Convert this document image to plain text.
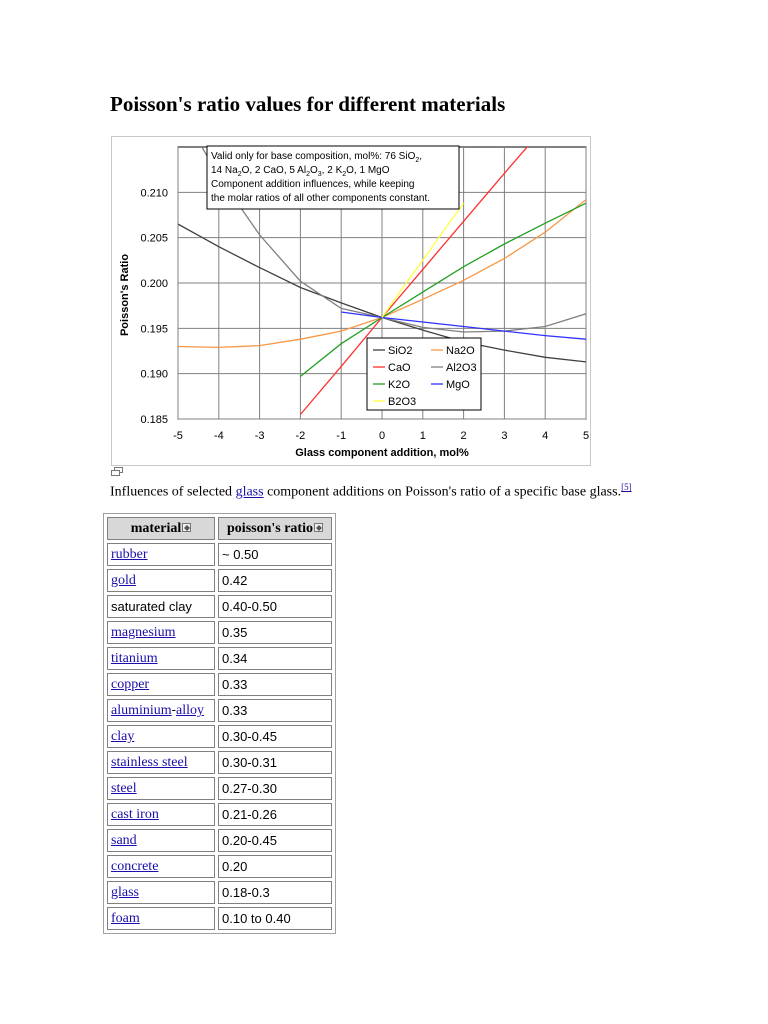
Poisson's ratio values for different materials
-5	-4	-3	-2	-1	0	1	2	3	4	5
0.185
0.190
0.195
0.200
0.205
0.210
Glass component addition, mol%
Poisson's Ratio
Valid only for base composition, mol%: 76 SiO$_2$,
14 $Na_2O$, 2 CaO, 5 $Al_2O_3$, 2 $K_2O$, 1 MgO
Component addition influences, while keeping
the molar ratios of all other components constant.
SiO2	Na2O
CaO	Al2O3
K2O	MgO
B2O3

Influences of selected glass component additions on Poisson's ratio of a specific base glass.[5]

material	poisson's ratio
rubber	~ 0.50
gold	0.42
saturated clay	0.40-0.50
magnesium	0.35
titanium	0.34
copper	0.33
aluminium-alloy	0.33
clay	0.30-0.45
stainless steel	0.30-0.31
steel	0.27-0.30
cast iron	0.21-0.26
sand	0.20-0.45
concrete	0.20
glass	0.18-0.3
foam	0.10 to 0.40
